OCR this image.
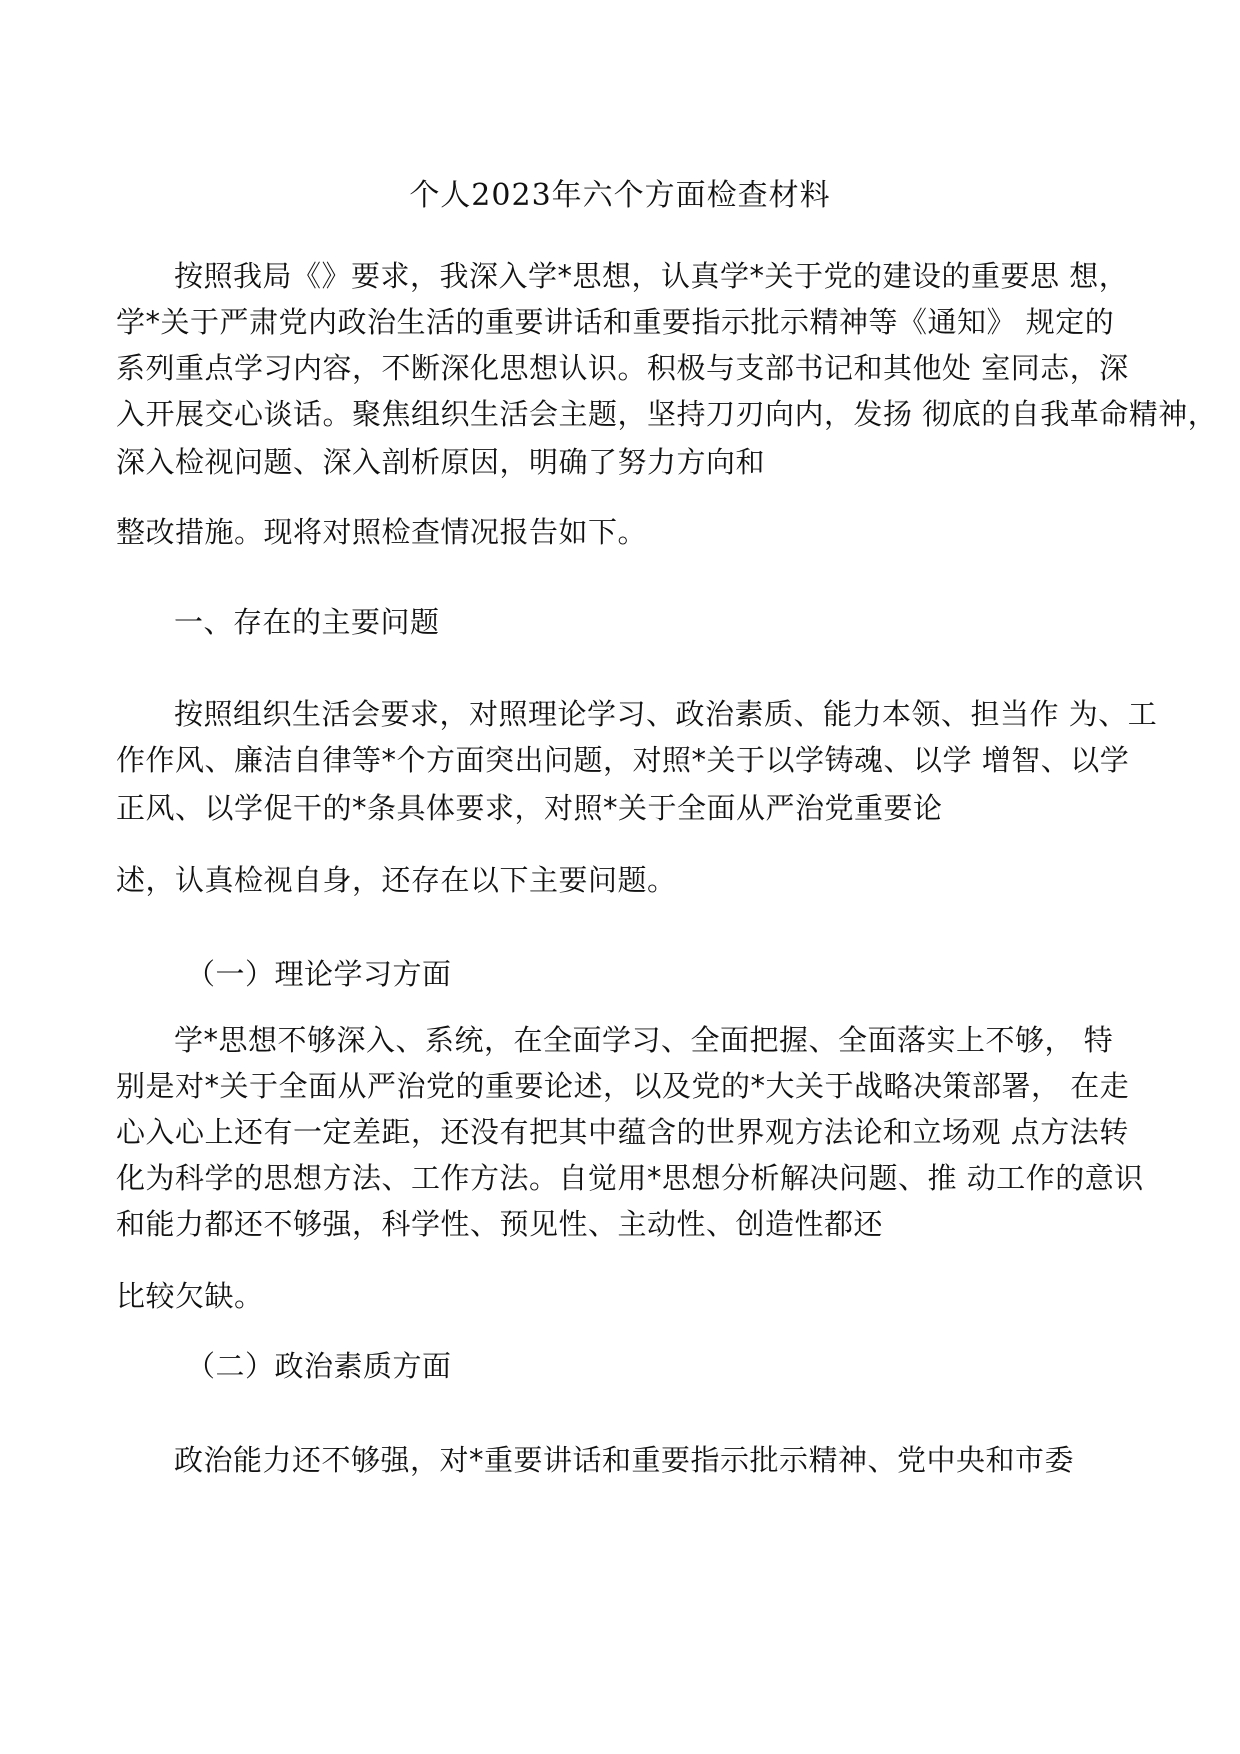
个人2023年六个方面检查材料
按照我局《》要求，我深入学*思想，认真学*关于党的建设的重要思 想，
学*关于严肃党内政治生活的重要讲话和重要指示批示精神等《通知》 规定的
系列重点学习内容，不断深化思想认识。积极与支部书记和其他处 室同志，深
入开展交心谈话。聚焦组织生活会主题，坚持刀刃向内，发扬 彻底的自我革命精神，
深入检视问题、深入剖析原因，明确了努力方向和
整改措施。现将对照检查情况报告如下。
一、存在的主要问题
按照组织生活会要求，对照理论学习、政治素质、能力本领、担当作 为、工
作作风、廉洁自律等*个方面突出问题，对照*关于以学铸魂、以学 增智、以学
正风、以学促干的*条具体要求，对照*关于全面从严治党重要论
述，认真检视自身，还存在以下主要问题。
（一）理论学习方面
学*思想不够深入、系统，在全面学习、全面把握、全面落实上不够， 特
别是对*关于全面从严治党的重要论述，以及党的*大关于战略决策部署， 在走
心入心上还有一定差距，还没有把其中蕴含的世界观方法论和立场观 点方法转
化为科学的思想方法、工作方法。自觉用*思想分析解决问题、推 动工作的意识
和能力都还不够强，科学性、预见性、主动性、创造性都还
比较欠缺。
（二）政治素质方面
政治能力还不够强，对*重要讲话和重要指示批示精神、党中央和市委
